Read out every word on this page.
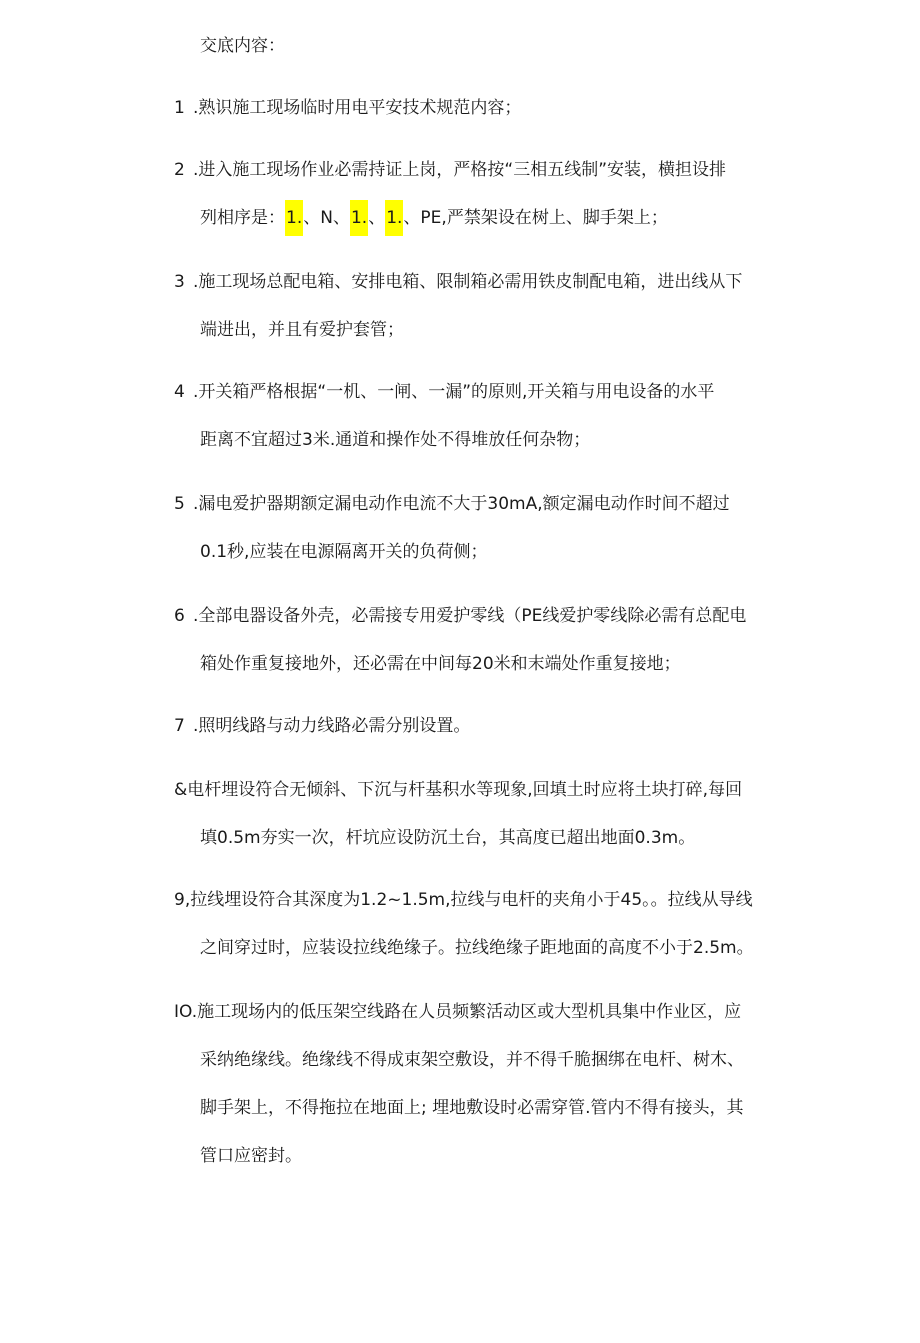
交底内容：
1 .熟识施工现场临时用电平安技术规范内容；
2 .进入施工现场作业必需持证上岗，严格按“三相五线制”安装，横担设排
列相序是：1.、N、1.、1.、PE,严禁架设在树上、脚手架上；
3 .施工现场总配电箱、安排电箱、限制箱必需用铁皮制配电箱，进出线从下
端进出，并且有爱护套管；
4 .开关箱严格根据“一机、一闸、一漏”的原则,开关箱与用电设备的水平
距离不宜超过3米.通道和操作处不得堆放任何杂物；
5 .漏电爱护器期额定漏电动作电流不大于30mA,额定漏电动作时间不超过
0.1秒,应装在电源隔离开关的负荷侧；
6 .全部电器设备外壳，必需接专用爱护零线（PE线爱护零线除必需有总配电
箱处作重复接地外，还必需在中间每20米和末端处作重复接地；
7 .照明线路与动力线路必需分别设置。
&电杆埋设符合无倾斜、下沉与杆基积水等现象,回填土时应将土块打碎,每回
填0.5m夯实一次，杆坑应设防沉土台，其高度已超出地面0.3m。
9,拉线埋设符合其深度为1.2~1.5m,拉线与电杆的夹角小于45。。拉线从导线
之间穿过时，应装设拉线绝缘子。拉线绝缘子距地面的高度不小于2.5m。
IO.施工现场内的低压架空线路在人员频繁活动区或大型机具集中作业区，应
采纳绝缘线。绝缘线不得成束架空敷设，并不得千脆捆绑在电杆、树木、
脚手架上，不得拖拉在地面上; 埋地敷设时必需穿管.管内不得有接头，其
管口应密封。
